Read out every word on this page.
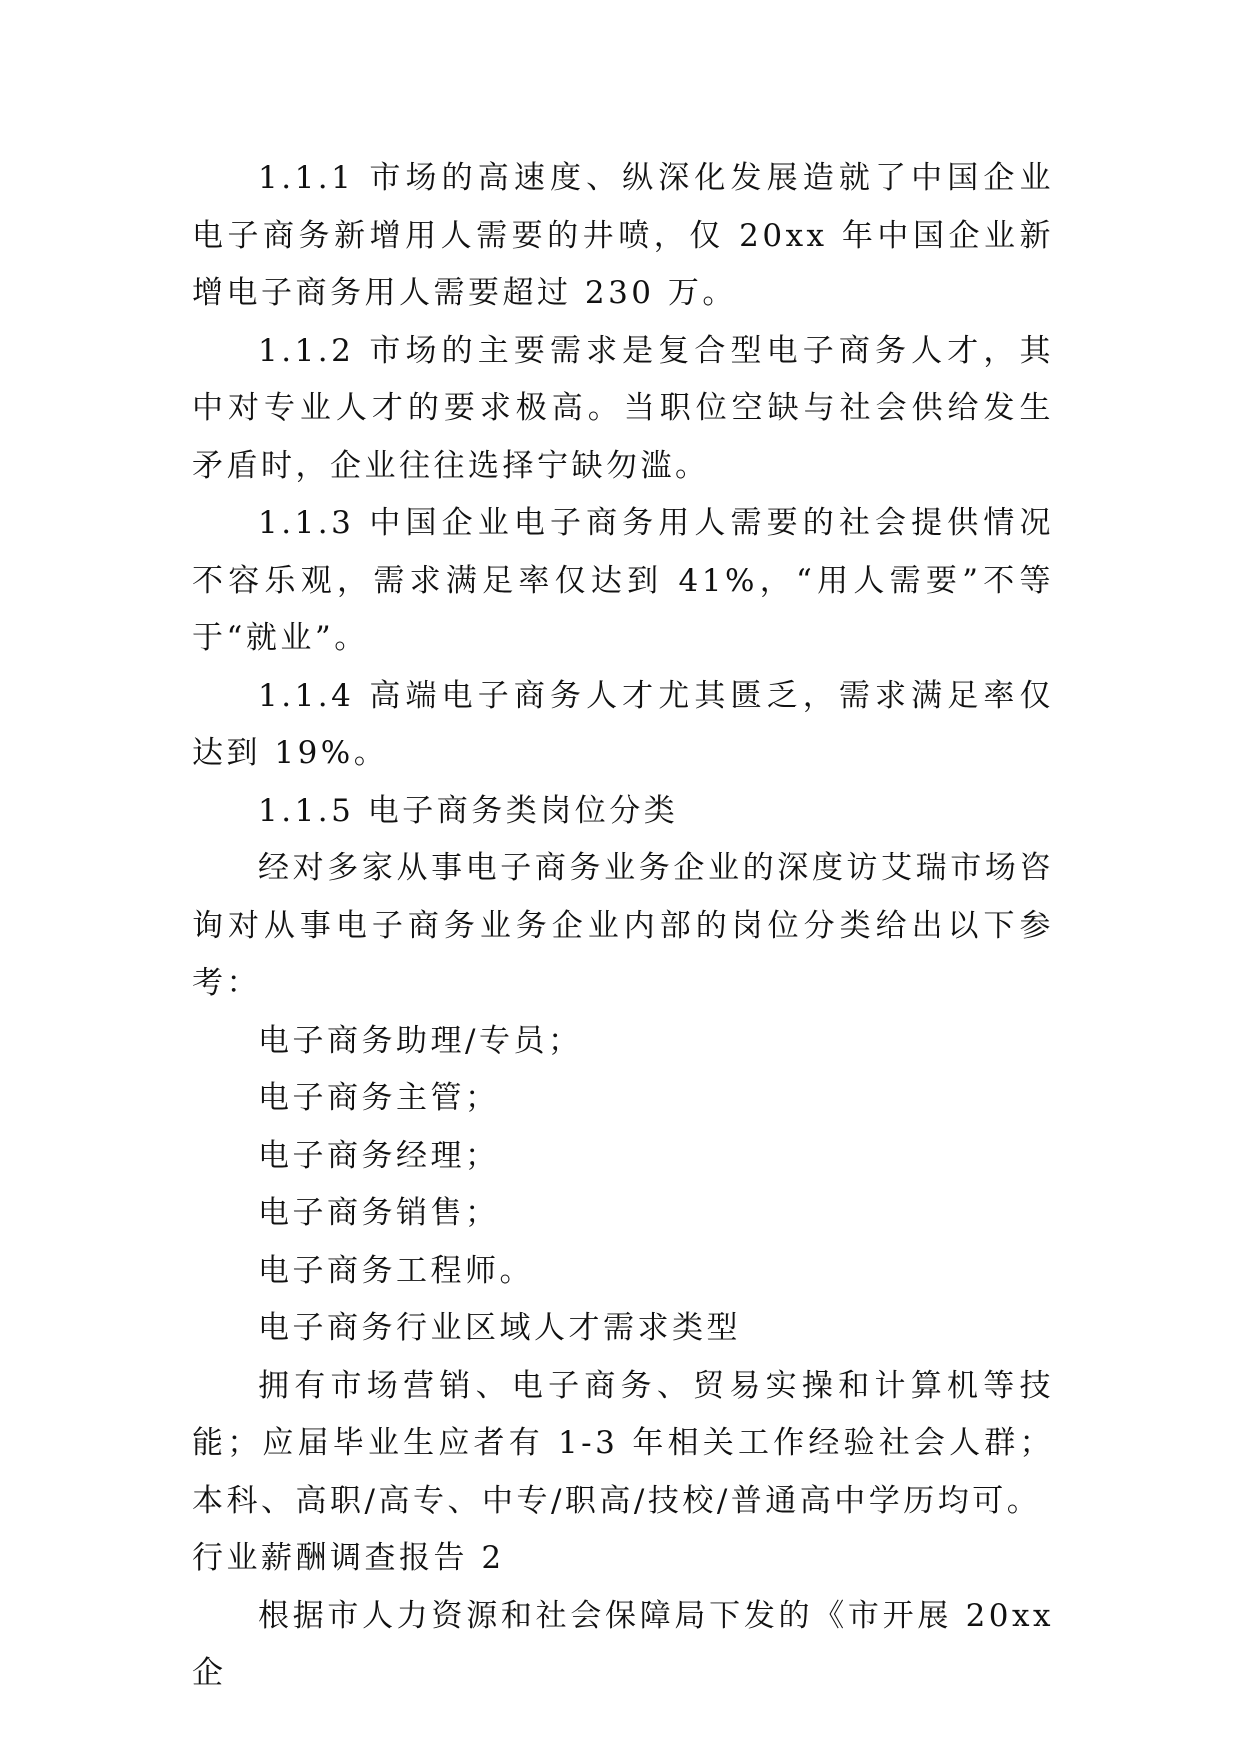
1.1.1 市场的高速度、纵深化发展造就了中国企业电子商务新增用人需要的井喷，仅 20xx 年中国企业新增电子商务用人需要超过 230 万。

1.1.2 市场的主要需求是复合型电子商务人才，其中对专业人才的要求极高。当职位空缺与社会供给发生矛盾时，企业往往选择宁缺勿滥。

1.1.3 中国企业电子商务用人需要的社会提供情况不容乐观，需求满足率仅达到 41%，“用人需要”不等于“就业”。

1.1.4 高端电子商务人才尤其匮乏，需求满足率仅达到 19%。

1.1.5 电子商务类岗位分类

经对多家从事电子商务业务企业的深度访艾瑞市场咨询对从事电子商务业务企业内部的岗位分类给出以下参考：

电子商务助理/专员；

电子商务主管；

电子商务经理；

电子商务销售；

电子商务工程师。

电子商务行业区域人才需求类型

拥有市场营销、电子商务、贸易实操和计算机等技能；应届毕业生应者有 1-3 年相关工作经验社会人群；本科、高职/高专、中专/职高/技校/普通高中学历均可。

行业薪酬调查报告 2

根据市人力资源和社会保障局下发的《市开展 20xx 企
